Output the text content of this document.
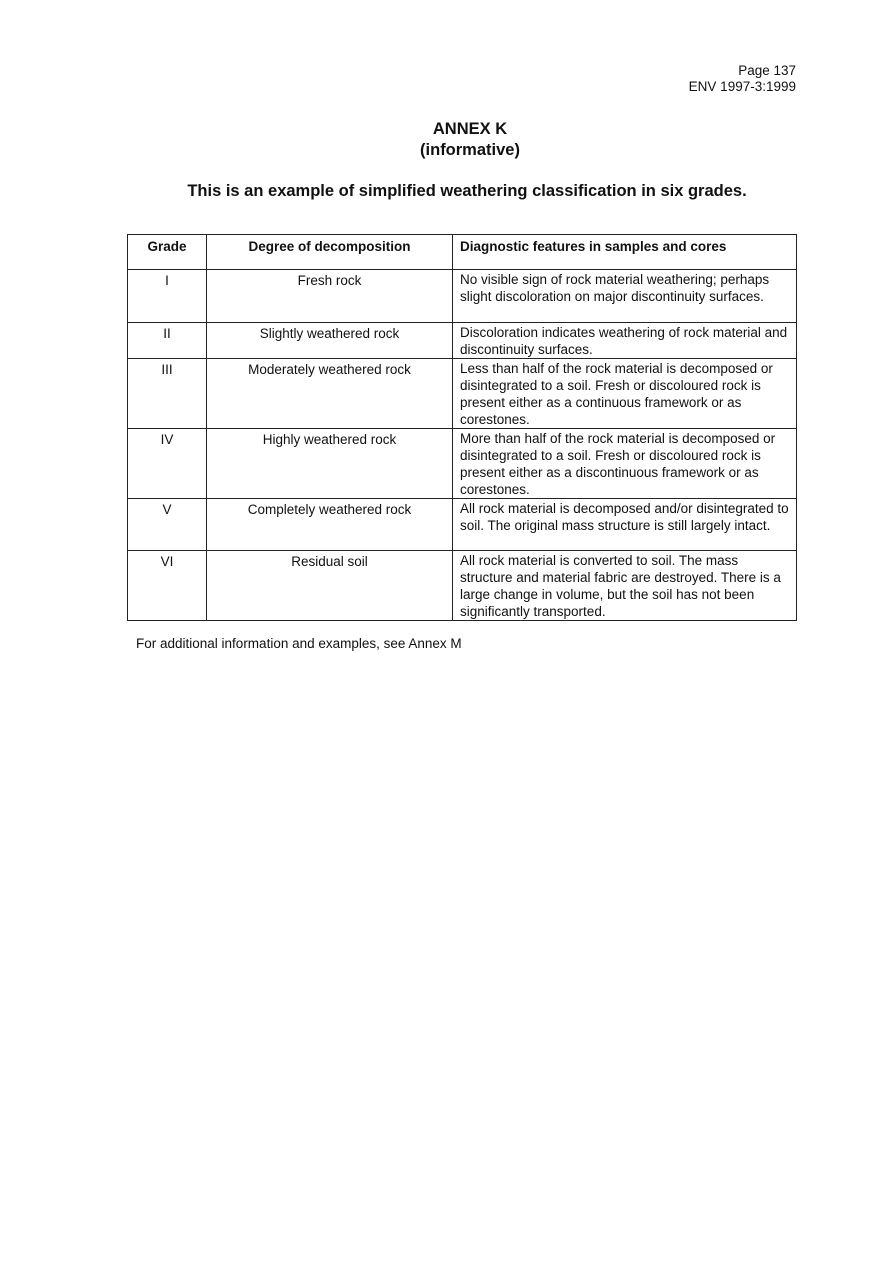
Page 137
ENV 1997-3:1999
ANNEX K
(informative)
This is an example of simplified weathering classification in six grades.
Grade	Degree of decomposition	Diagnostic features in samples and cores
I	Fresh rock	No visible sign of rock material weathering; perhaps slight discoloration on major discontinuity surfaces.
II	Slightly weathered rock	Discoloration indicates weathering of rock material and discontinuity surfaces.
III	Moderately weathered rock	Less than half of the rock material is decomposed or disintegrated to a soil. Fresh or discoloured rock is present either as a continuous framework or as corestones.
IV	Highly weathered rock	More than half of the rock material is decomposed or disintegrated to a soil. Fresh or discoloured rock is present either as a discontinuous framework or as corestones.
V	Completely weathered rock	All rock material is decomposed and/or disintegrated to soil. The original mass structure is still largely intact.
VI	Residual soil	All rock material is converted to soil. The mass structure and material fabric are destroyed. There is a large change in volume, but the soil has not been significantly transported.
For additional information and examples, see Annex M
